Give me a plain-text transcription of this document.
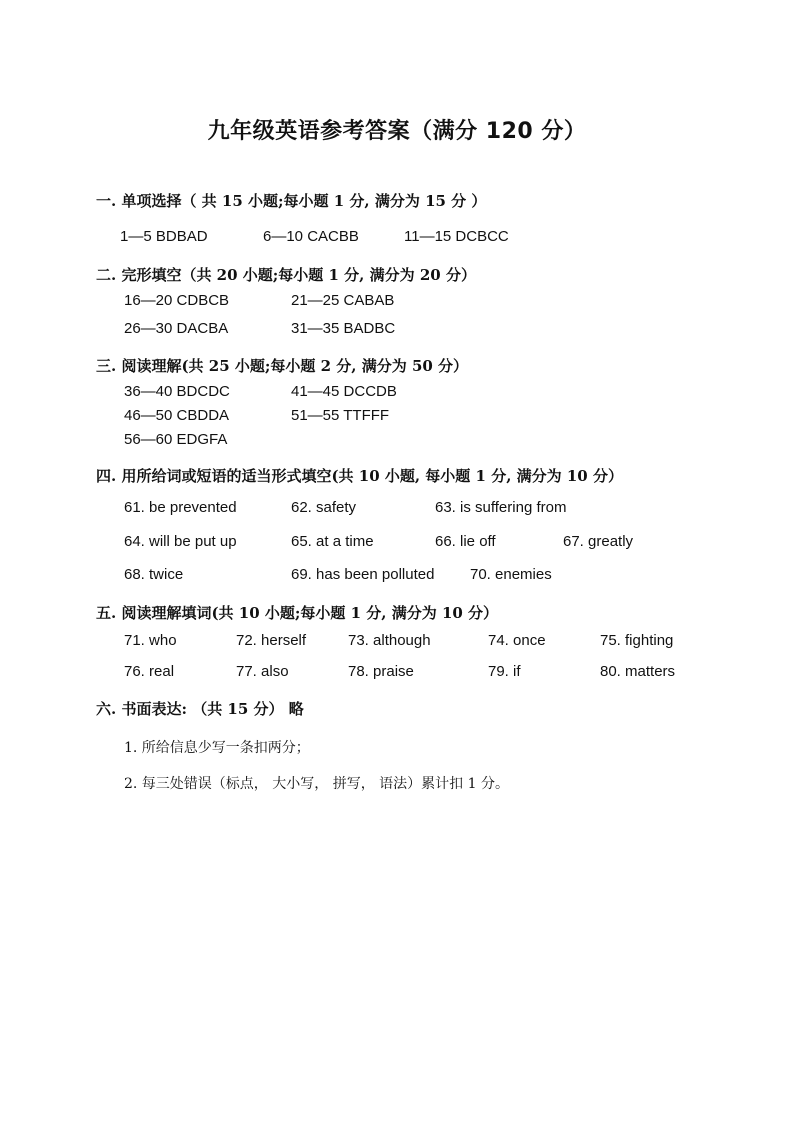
九年级英语参考答案（满分 120 分）
一. 单项选择（ 共 15 小题;每小题 1 分, 满分为 15 分 ）
1—5 BDBAD	6—10 CACBB	11—15 DCBCC
二. 完形填空（共 20 小题;每小题 1 分, 满分为 20 分）
16—20 CDBCB	21—25 CABAB
26—30 DACBA	31—35 BADBC
三. 阅读理解(共 25 小题;每小题 2 分, 满分为 50 分）
36—40 BDCDC	41—45 DCCDB
46—50 CBDDA	51—55 TTFFF
56—60 EDGFA
四. 用所给词或短语的适当形式填空(共 10 小题, 每小题 1 分, 满分为 10 分）
61. be prevented	62. safety	63. is suffering from
64. will be put up	65. at a time	66. lie off	67. greatly
68. twice	69. has been polluted 70. enemies
五. 阅读理解填词(共 10 小题;每小题 1 分, 满分为 10 分）
71. who	72. herself	73. although	74. once	75. fighting
76. real	77. also	78. praise	79. if	80. matters
六. 书面表达: （共 15 分） 略
1. 所给信息少写一条扣两分；
2. 每三处错误（标点， 大小写， 拼写， 语法）累计扣 1 分。
